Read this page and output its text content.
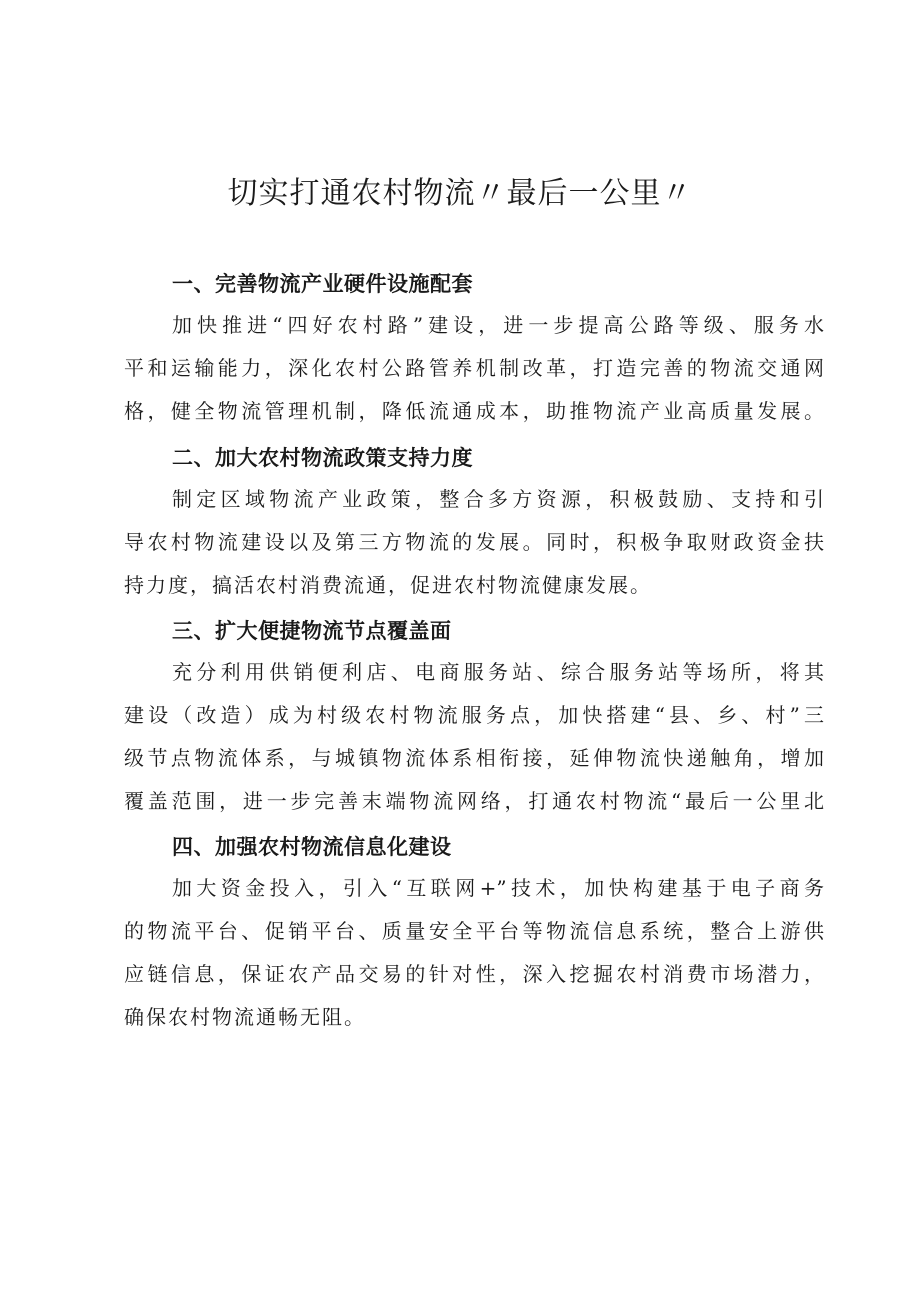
切实打通农村物流〃最后一公里〃
一、完善物流产业硬件设施配套
加快推进“四好农村路”建设，进一步提高公路等级、服务水
平和运输能力，深化农村公路管养机制改革，打造完善的物流交通网
格，健全物流管理机制，降低流通成本，助推物流产业高质量发展。
二、加大农村物流政策支持力度
制定区域物流产业政策，整合多方资源，积极鼓励、支持和引
导农村物流建设以及第三方物流的发展。同时，积极争取财政资金扶
持力度，搞活农村消费流通，促进农村物流健康发展。
三、扩大便捷物流节点覆盖面
充分利用供销便利店、电商服务站、综合服务站等场所，将其
建设（改造）成为村级农村物流服务点，加快搭建“县、乡、村”三
级节点物流体系，与城镇物流体系相衔接，延伸物流快递触角，增加
覆盖范围，进一步完善末端物流网络，打通农村物流“最后一公里北
四、加强农村物流信息化建设
加大资金投入，引入“互联网+”技术，加快构建基于电子商务
的物流平台、促销平台、质量安全平台等物流信息系统，整合上游供
应链信息，保证农产品交易的针对性，深入挖掘农村消费市场潜力，
确保农村物流通畅无阻。
